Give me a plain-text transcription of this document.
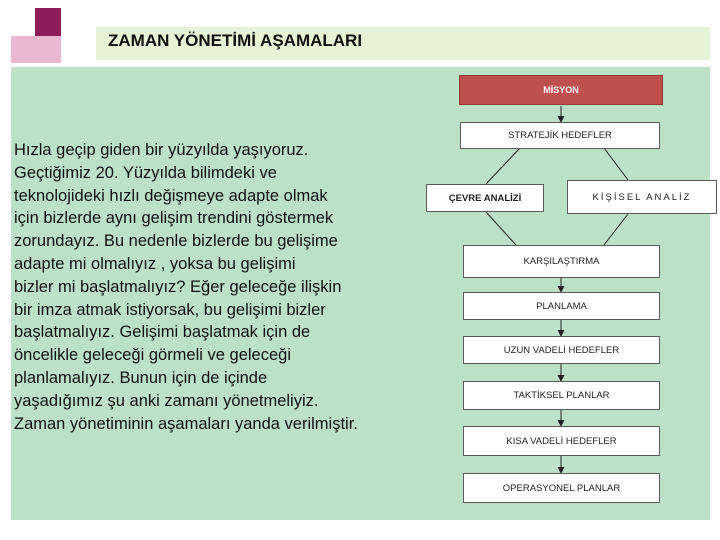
ZAMAN YÖNETİMİ AŞAMALARI

Hızla geçip giden bir yüzyılda yaşıyoruz.
Geçtiğimiz 20. Yüzyılda bilimdeki ve
teknolojideki hızlı değişmeye adapte olmak
için bizlerde aynı gelişim trendini göstermek
zorundayız. Bu nedenle bizlerde bu gelişime
adapte mi olmalıyız , yoksa bu gelişimi
bizler mi başlatmalıyız? Eğer geleceğe ilişkin
bir imza atmak istiyorsak, bu gelişimi bizler
başlatmalıyız. Gelişimi başlatmak için de
öncelikle geleceği görmeli ve geleceği
planlamalıyız. Bunun için de içinde
yaşadığımız şu anki zamanı yönetmeliyiz.
Zaman yönetiminin aşamaları yanda verilmiştir.

MİSYON
STRATEJİK HEDEFLER
ÇEVRE ANALİZİ	KİŞİSEL ANALİZ
KARŞILAŞTIRMA
PLANLAMA
UZUN VADELİ HEDEFLER
TAKTİKSEL PLANLAR
KISA VADELİ HEDEFLER
OPERASYONEL PLANLAR
